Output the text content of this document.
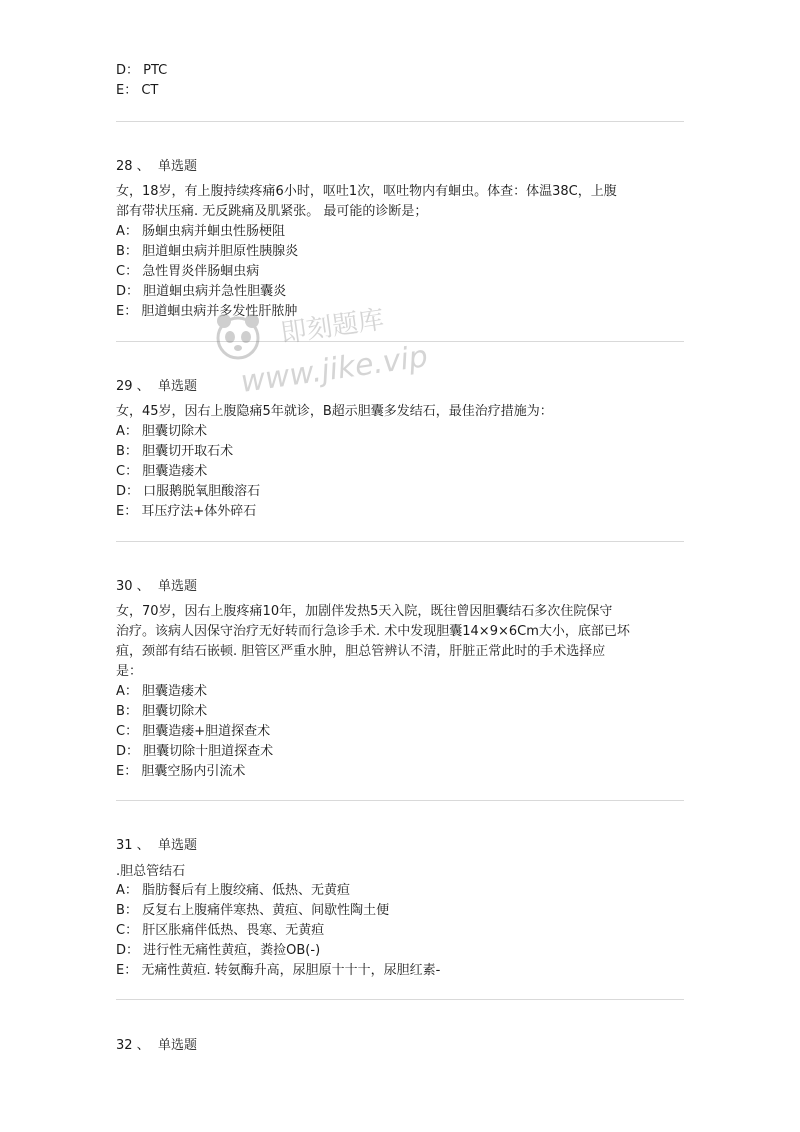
D： PTC
E： CT
28 、 单选题
女，18岁，有上腹持续疼痛6小时，呕吐1次，呕吐物内有蛔虫。体查：体温38C，上腹
部有带状压痛. 无反跳痛及肌紧张。 最可能的诊断是；
A： 肠蛔虫病并蛔虫性肠梗阻
B： 胆道蛔虫病并胆原性胰腺炎
C： 急性胃炎伴肠蛔虫病
D： 胆道蛔虫病并急性胆囊炎
E： 胆道蛔虫病并多发性肝脓肿
29 、 单选题
女，45岁，因右上腹隐痛5年就诊，B超示胆囊多发结石，最佳治疗措施为：
A： 胆囊切除术
B： 胆囊切开取石术
C： 胆囊造瘘术
D： 口服鹅脱氧胆酸溶石
E： 耳压疗法+体外碎石
30 、 单选题
女，70岁，因右上腹疼痛10年，加剧伴发热5天入院，既往曾因胆囊结石多次住院保守
治疗。该病人因保守治疗无好转而行急诊手术. 术中发现胆囊14×9×6Cm大小，底部已坏
疽，颈部有结石嵌顿. 胆管区严重水肿，胆总管辨认不清，肝脏正常此时的手术选择应
是：
A： 胆囊造瘘术
B： 胆囊切除术
C： 胆囊造瘘+胆道探查术
D： 胆囊切除十胆道探查术
E： 胆囊空肠内引流术
31 、 单选题
.胆总管结石
A： 脂肪餐后有上腹绞痛、低热、无黄疸
B： 反复右上腹痛伴寒热、黄疸、间歇性陶土便
C： 肝区胀痛伴低热、畏寒、无黄疸
D： 进行性无痛性黄疸，粪捡OB(-)
E： 无痛性黄疸. 转氨酶升高，尿胆原十十十，尿胆红素-
32 、 单选题
即刻题库
www.jike.vip
